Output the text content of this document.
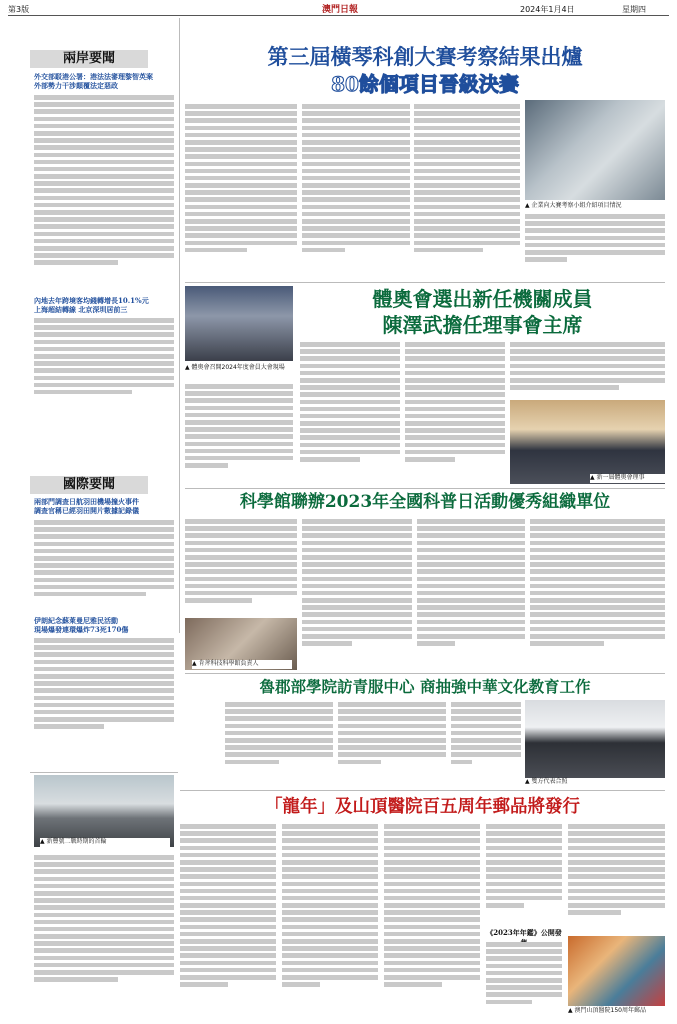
第3版	澳門日報	2024年1月4日	星期四
兩岸要聞
外交部駁港公署：港法法審理黎智英案
外部勢力干涉顛覆法定惡政
內地去年跨境客均錢轉增長10.1%元
上海超結轉線 北京深圳居前三
國際要聞
兩部門調查日航羽田機場撞火事件
調查官稱已經羽田開片數據記錄儀
伊朗紀念蘇萊曼尼雅民活動
現場爆發連環爆炸73死170傷
▲ 新豐號二戰時期的首輪
第三屆橫琴科創大賽考察結果出爐
80餘個項目晉級決賽
▲ 企業向大賽考察小組介紹項目情況
體奧會選出新任機關成員
陳澤武擔任理事會主席
▲ 體奧會召開2024年度會員大會現場
▲ 新一屆體奧會理事
科學館聯辦2023年全國科普日活動優秀組織單位
▲ 肯斧科技科學館負責人
魯郡部學院訪青服中心 商抽強中華文化教育工作
▲ 雙方代表合照
「龍年」及山頂醫院百五周年郵品將發行
《2023年年鑑》公開發
▲ 澳門山頂醫院150周年郵品
